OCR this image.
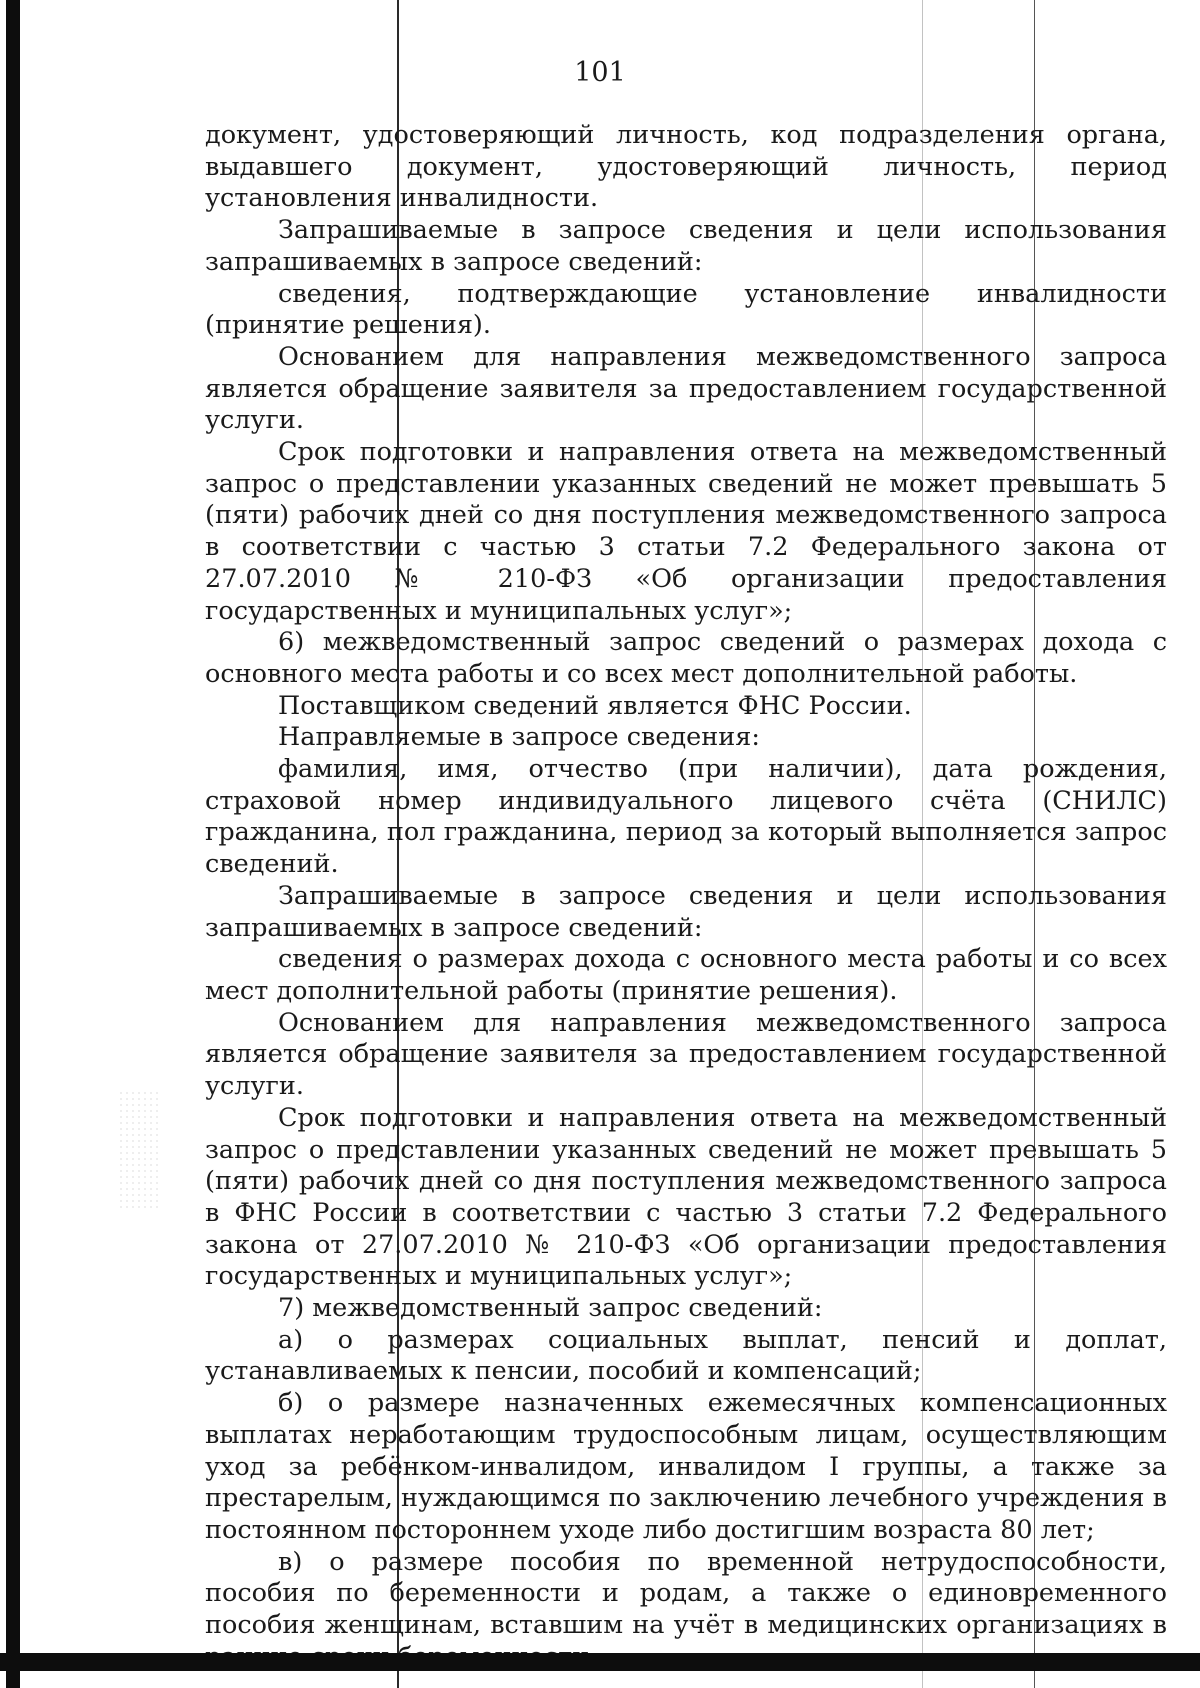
101

документ, удостоверяющий личность, код подразделения органа, выдавшего документ, удостоверяющий личность, период установления инвалидности.

Запрашиваемые в запросе сведения и цели использования запрашиваемых в запросе сведений:

сведения, подтверждающие установление инвалидности (принятие решения).

Основанием для направления межведомственного запроса является обращение заявителя за предоставлением государственной услуги.

Срок подготовки и направления ответа на межведомственный запрос о представлении указанных сведений не может превышать 5 (пяти) рабочих дней со дня поступления межведомственного запроса в соответствии с частью 3 статьи 7.2 Федерального закона от 27.07.2010 № 210-ФЗ «Об организации предоставления государственных и муниципальных услуг»;

6) межведомственный запрос сведений о размерах дохода с основного места работы и со всех мест дополнительной работы.

Поставщиком сведений является ФНС России.

Направляемые в запросе сведения:

фамилия, имя, отчество (при наличии), дата рождения, страховой номер индивидуального лицевого счёта (СНИЛС) гражданина, пол гражданина, период за который выполняется запрос сведений.

Запрашиваемые в запросе сведения и цели использования запрашиваемых в запросе сведений:

сведения о размерах дохода с основного места работы и со всех мест дополнительной работы (принятие решения).

Основанием для направления межведомственного запроса является обращение заявителя за предоставлением государственной услуги.

Срок подготовки и направления ответа на межведомственный запрос о представлении указанных сведений не может превышать 5 (пяти) рабочих дней со дня поступления межведомственного запроса в ФНС России в соответствии с частью 3 статьи 7.2 Федерального закона от 27.07.2010 № 210-ФЗ «Об организации предоставления государственных и муниципальных услуг»;

7) межведомственный запрос сведений:

а) о размерах социальных выплат, пенсий и доплат, устанавливаемых к пенсии, пособий и компенсаций;

б) о размере назначенных ежемесячных компенсационных выплатах неработающим трудоспособным лицам, осуществляющим уход за ребёнком-инвалидом, инвалидом I группы, а также за престарелым, нуждающимся по заключению лечебного учреждения в постоянном постороннем уходе либо достигшим возраста 80 лет;

в) о размере пособия по временной нетрудоспособности, пособия по беременности и родам, а также о единовременного пособия женщинам, вставшим на учёт в медицинских организациях в
